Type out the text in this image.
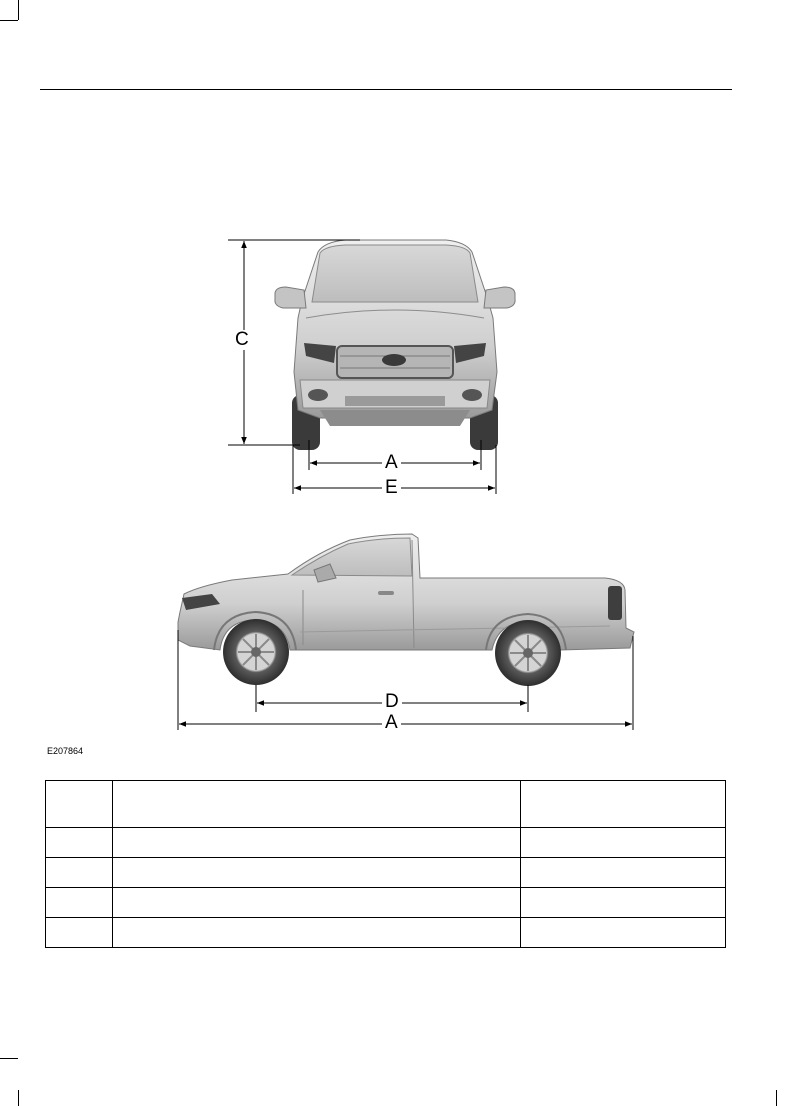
C
A
E
D
A
E207864
